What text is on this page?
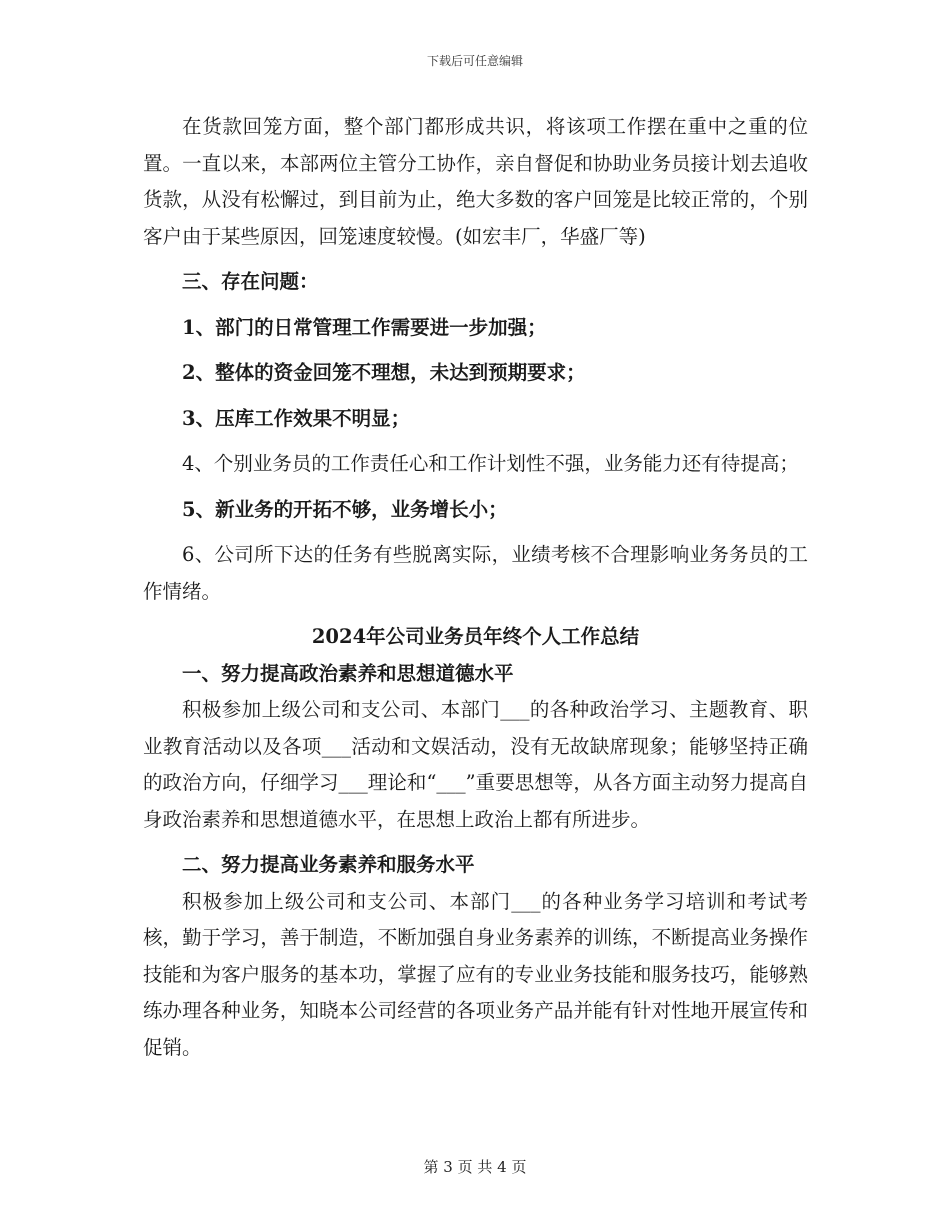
下载后可任意编辑

在货款回笼方面，整个部门都形成共识，将该项工作摆在重中之重的位置。一直以来，本部两位主管分工协作，亲自督促和协助业务员接计划去追收货款，从没有松懈过，到目前为止，绝大多数的客户回笼是比较正常的，个别客户由于某些原因，回笼速度较慢。(如宏丰厂，华盛厂等)

三、存在问题：

1、部门的日常管理工作需要进一步加强；

2、整体的资金回笼不理想，未达到预期要求；

3、压库工作效果不明显；

4、个别业务员的工作责任心和工作计划性不强，业务能力还有待提高；

5、新业务的开拓不够，业务增长小；

6、公司所下达的任务有些脱离实际，业绩考核不合理影响业务务员的工作情绪。

2024年公司业务员年终个人工作总结

一、努力提高政治素养和思想道德水平

积极参加上级公司和支公司、本部门___的各种政治学习、主题教育、职业教育活动以及各项___活动和文娱活动，没有无故缺席现象；能够坚持正确的政治方向，仔细学习___理论和“___”重要思想等，从各方面主动努力提高自身政治素养和思想道德水平，在思想上政治上都有所进步。

二、努力提高业务素养和服务水平

积极参加上级公司和支公司、本部门___的各种业务学习培训和考试考核，勤于学习，善于制造，不断加强自身业务素养的训练，不断提高业务操作技能和为客户服务的基本功，掌握了应有的专业业务技能和服务技巧，能够熟练办理各种业务，知晓本公司经营的各项业务产品并能有针对性地开展宣传和促销。

第 3 页 共 4 页
